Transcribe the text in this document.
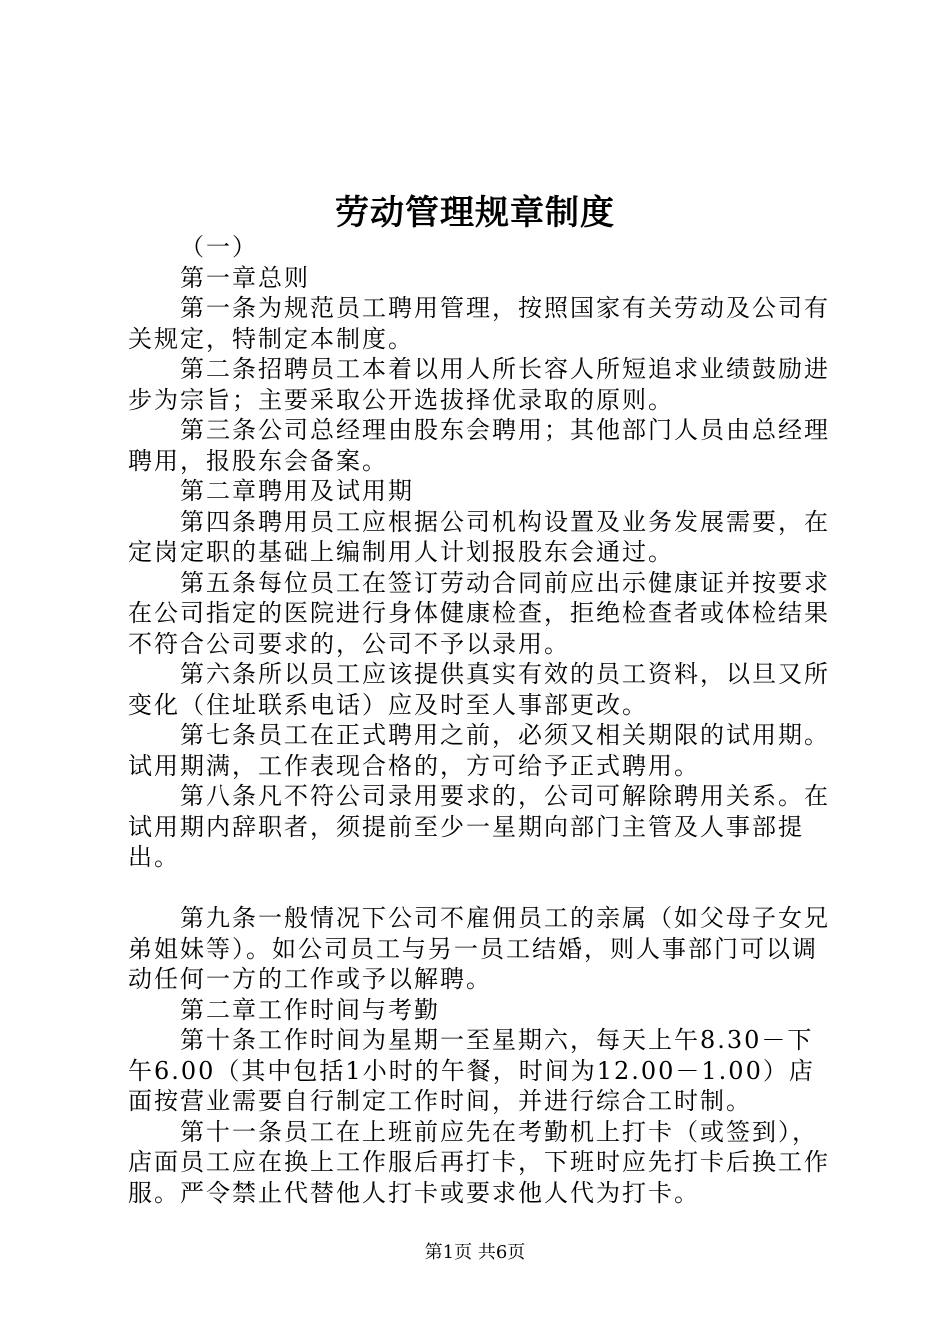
劳动管理规章制度

（一）

第一章总则

第一条为规范员工聘用管理，按照国家有关劳动及公司有关规定，特制定本制度。

第二条招聘员工本着以用人所长容人所短追求业绩鼓励进步为宗旨；主要采取公开选拔择优录取的原则。

第三条公司总经理由股东会聘用；其他部门人员由总经理聘用，报股东会备案。

第二章聘用及试用期

第四条聘用员工应根据公司机构设置及业务发展需要，在定岗定职的基础上编制用人计划报股东会通过。

第五条每位员工在签订劳动合同前应出示健康证并按要求在公司指定的医院进行身体健康检查，拒绝检查者或体检结果不符合公司要求的，公司不予以录用。

第六条所以员工应该提供真实有效的员工资料，以旦又所变化（住址联系电话）应及时至人事部更改。

第七条员工在正式聘用之前，必须又相关期限的试用期。试用期满，工作表现合格的，方可给予正式聘用。

第八条凡不符公司录用要求的，公司可解除聘用关系。在试用期内辞职者，须提前至少一星期向部门主管及人事部提出。

第九条一般情况下公司不雇佣员工的亲属（如父母子女兄弟姐妹等）。如公司员工与另一员工结婚，则人事部门可以调动任何一方的工作或予以解聘。

第二章工作时间与考勤

第十条工作时间为星期一至星期六，每天上午8.30－下午6.00（其中包括1小时的午餐，时间为12.00－1.00）店面按营业需要自行制定工作时间，并进行综合工时制。

第十一条员工在上班前应先在考勤机上打卡（或签到），店面员工应在换上工作服后再打卡，下班时应先打卡后换工作服。严令禁止代替他人打卡或要求他人代为打卡。

第1页 共6页
